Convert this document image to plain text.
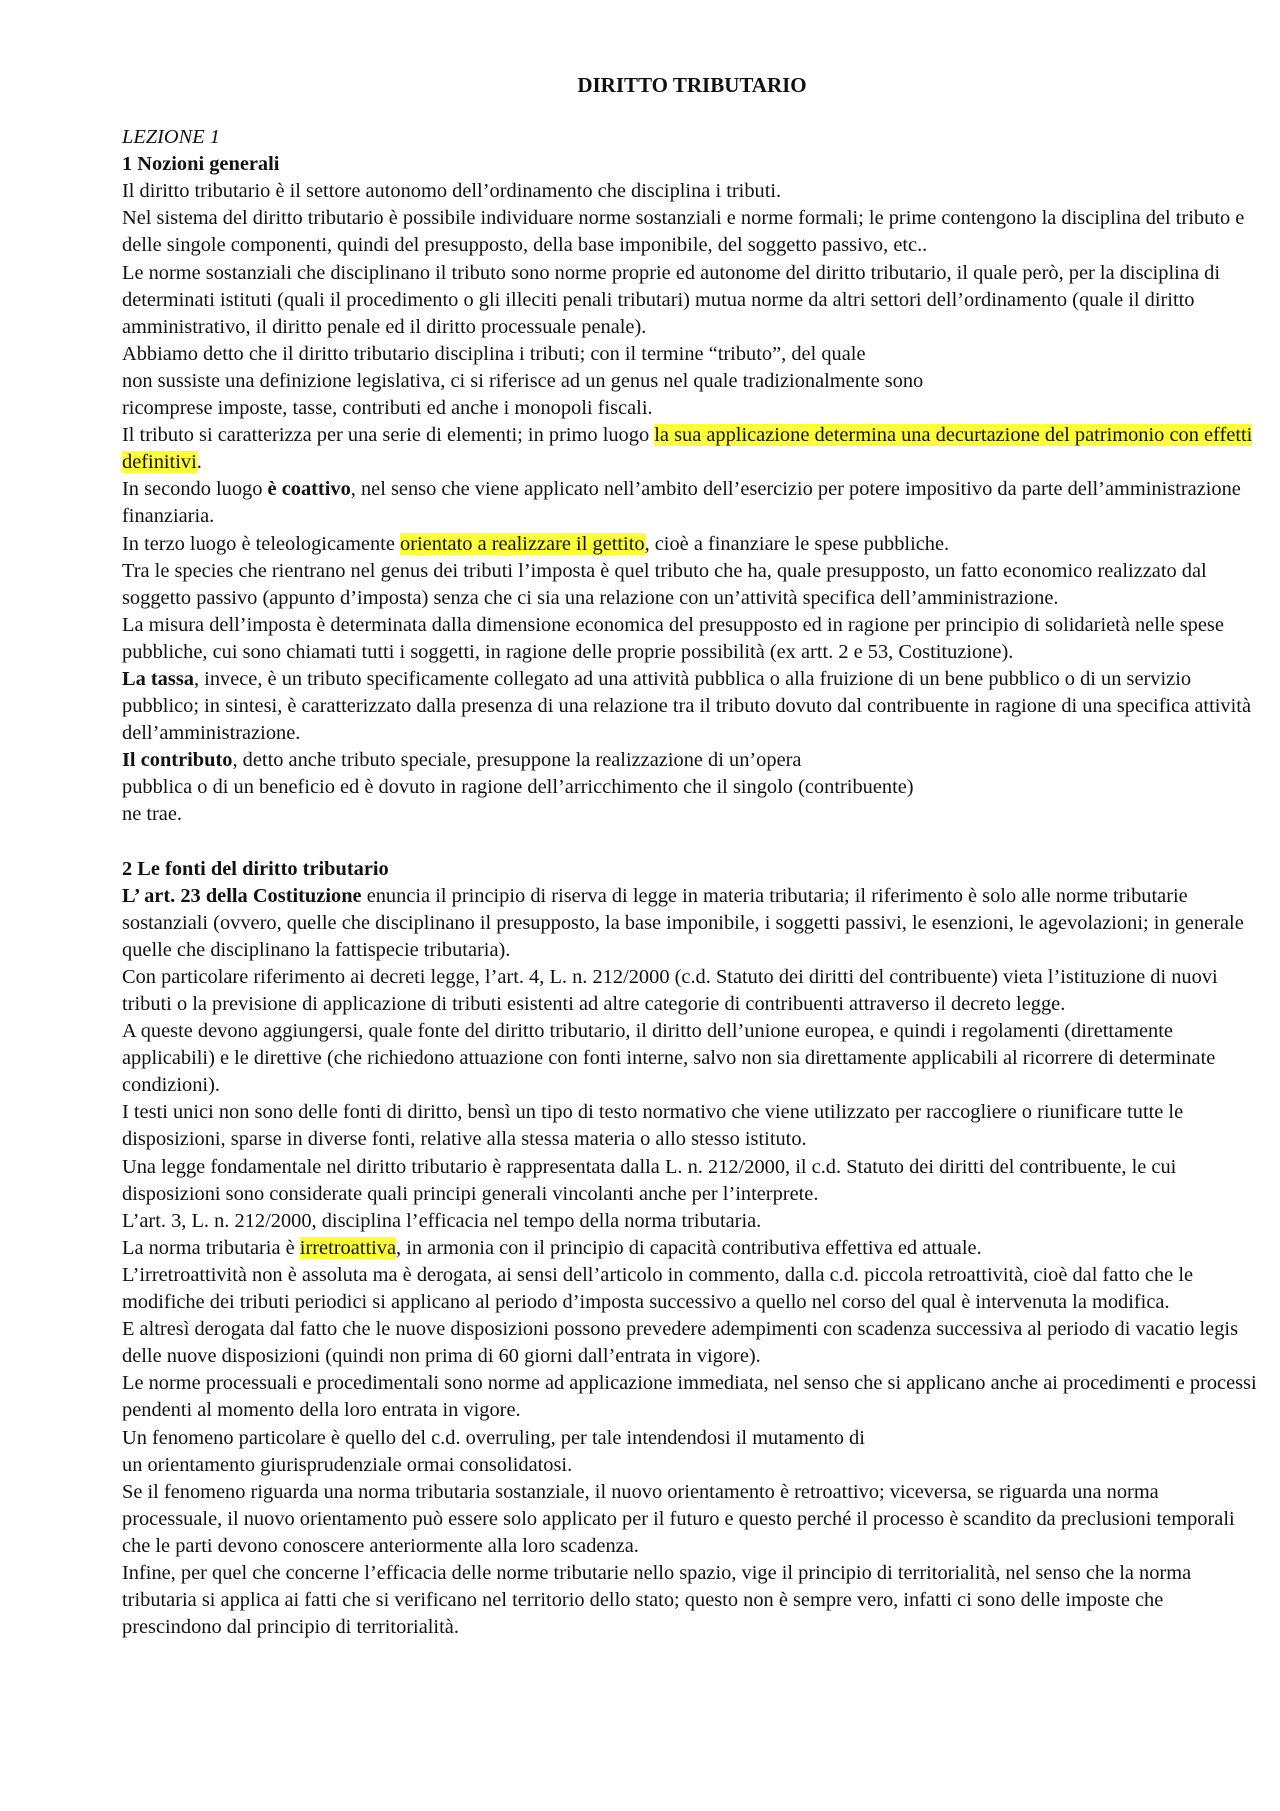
DIRITTO TRIBUTARIO

LEZIONE 1

1 Nozioni generali

Il diritto tributario è il settore autonomo dell’ordinamento che disciplina i tributi.

Nel sistema del diritto tributario è possibile individuare norme sostanziali e norme formali; le prime contengono la disciplina del tributo e delle singole componenti, quindi del presupposto, della base imponibile, del soggetto passivo, etc..

Le norme sostanziali che disciplinano il tributo sono norme proprie ed autonome del diritto tributario, il quale però, per la disciplina di determinati istituti (quali il procedimento o gli illeciti penali tributari) mutua norme da altri settori dell’ordinamento (quale il diritto amministrativo, il diritto penale ed il diritto processuale penale).

Abbiamo detto che il diritto tributario disciplina i tributi; con il termine “tributo”, del quale
non sussiste una definizione legislativa, ci si riferisce ad un genus nel quale tradizionalmente sono
ricomprese imposte, tasse, contributi ed anche i monopoli fiscali.

Il tributo si caratterizza per una serie di elementi; in primo luogo la sua applicazione determina una decurtazione del patrimonio con effetti definitivi.

In secondo luogo è coattivo, nel senso che viene applicato nell’ambito dell’esercizio per potere impositivo da parte dell’amministrazione finanziaria.

In terzo luogo è teleologicamente orientato a realizzare il gettito, cioè a finanziare le spese pubbliche.

Tra le species che rientrano nel genus dei tributi l’imposta è quel tributo che ha, quale presupposto, un fatto economico realizzato dal soggetto passivo (appunto d’imposta) senza che ci sia una relazione con un’attività specifica dell’amministrazione.

La misura dell’imposta è determinata dalla dimensione economica del presupposto ed in ragione per principio di solidarietà nelle spese pubbliche, cui sono chiamati tutti i soggetti, in ragione delle proprie possibilità (ex artt. 2 e 53, Costituzione).

La tassa, invece, è un tributo specificamente collegato ad una attività pubblica o alla fruizione di un bene pubblico o di un servizio pubblico; in sintesi, è caratterizzato dalla presenza di una relazione tra il tributo dovuto dal contribuente in ragione di una specifica attività dell’amministrazione.

Il contributo, detto anche tributo speciale, presuppone la realizzazione di un’opera
pubblica o di un beneficio ed è dovuto in ragione dell’arricchimento che il singolo (contribuente)
ne trae.

2 Le fonti del diritto tributario

L’ art. 23 della Costituzione enuncia il principio di riserva di legge in materia tributaria; il riferimento è solo alle norme tributarie sostanziali (ovvero, quelle che disciplinano il presupposto, la base imponibile, i soggetti passivi, le esenzioni, le agevolazioni; in generale quelle che disciplinano la fattispecie tributaria).

Con particolare riferimento ai decreti legge, l’art. 4, L. n. 212/2000 (c.d. Statuto dei diritti del contribuente) vieta l’istituzione di nuovi tributi o la previsione di applicazione di tributi esistenti ad altre categorie di contribuenti attraverso il decreto legge.

A queste devono aggiungersi, quale fonte del diritto tributario, il diritto dell’unione europea, e quindi i regolamenti (direttamente applicabili) e le direttive (che richiedono attuazione con fonti interne, salvo non sia direttamente applicabili al ricorrere di determinate condizioni).

I testi unici non sono delle fonti di diritto, bensì un tipo di testo normativo che viene utilizzato per raccogliere o riunificare tutte le disposizioni, sparse in diverse fonti, relative alla stessa materia o allo stesso istituto.

Una legge fondamentale nel diritto tributario è rappresentata dalla L. n. 212/2000, il c.d. Statuto dei diritti del contribuente, le cui disposizioni sono considerate quali principi generali vincolanti anche per l’interprete.

L’art. 3, L. n. 212/2000, disciplina l’efficacia nel tempo della norma tributaria.

La norma tributaria è irretroattiva, in armonia con il principio di capacità contributiva effettiva ed attuale.

L’irretroattività non è assoluta ma è derogata, ai sensi dell’articolo in commento, dalla c.d. piccola retroattività, cioè dal fatto che le modifiche dei tributi periodici si applicano al periodo d’imposta successivo a quello nel corso del qual è intervenuta la modifica.

E altresì derogata dal fatto che le nuove disposizioni possono prevedere adempimenti con scadenza successiva al periodo di vacatio legis delle nuove disposizioni (quindi non prima di 60 giorni dall’entrata in vigore).

Le norme processuali e procedimentali sono norme ad applicazione immediata, nel senso che si applicano anche ai procedimenti e processi pendenti al momento della loro entrata in vigore.

Un fenomeno particolare è quello del c.d. overruling, per tale intendendosi il mutamento di
un orientamento giurisprudenziale ormai consolidatosi.

Se il fenomeno riguarda una norma tributaria sostanziale, il nuovo orientamento è retroattivo; viceversa, se riguarda una norma processuale, il nuovo orientamento può essere solo applicato per il futuro e questo perché il processo è scandito da preclusioni temporali che le parti devono conoscere anteriormente alla loro scadenza.

Infine, per quel che concerne l’efficacia delle norme tributarie nello spazio, vige il principio di territorialità, nel senso che la norma tributaria si applica ai fatti che si verificano nel territorio dello stato; questo non è sempre vero, infatti ci sono delle imposte che prescindono dal principio di territorialità.
